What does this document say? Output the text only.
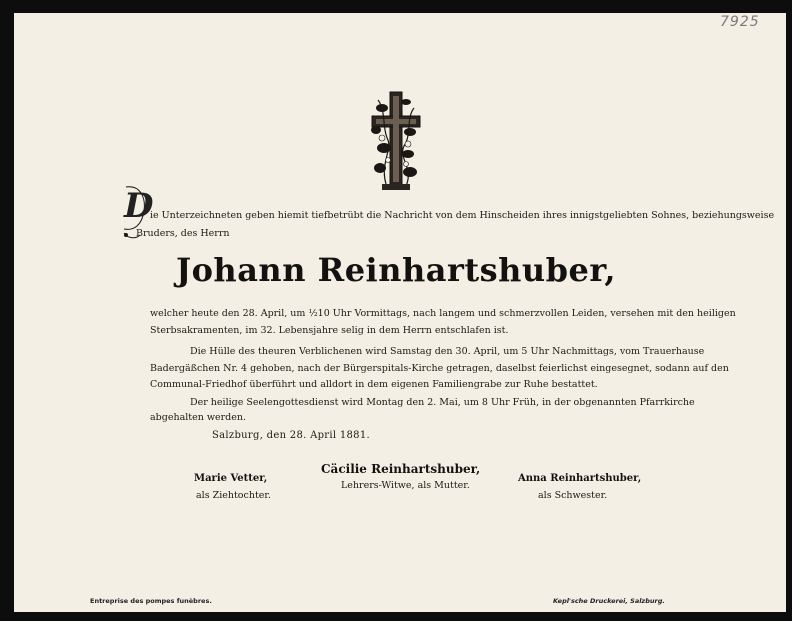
7925
D
ie Unterzeichneten geben hiemit tiefbetrübt die Nachricht von dem Hinscheiden ihres innigstgeliebten Sohnes, beziehungsweise
Bruders, des Herrn
Johann Reinhartshuber,
welcher heute den 28. April, um ½10 Uhr Vormittags, nach langem und schmerzvollen Leiden, versehen mit den heiligen
Sterbsakramenten, im 32. Lebensjahre selig in dem Herrn entschlafen ist.
Die Hülle des theuren Verblichenen wird Samstag den 30. April, um 5 Uhr Nachmittags, vom Trauerhause
Badergäßchen Nr. 4 gehoben, nach der Bürgerspitals-Kirche getragen, daselbst feierlichst eingesegnet, sodann auf den
Communal-Friedhof überführt und alldort in dem eigenen Familiengrabe zur Ruhe bestattet.
Der heilige Seelengottesdienst wird Montag den 2. Mai, um 8 Uhr Früh, in der obgenannten Pfarrkirche
abgehalten werden.
Salzburg, den 28. April 1881.
Marie Vetter,
als Ziehtochter.
Cäcilie Reinhartshuber,
Lehrers-Witwe, als Mutter.
Anna Reinhartshuber,
als Schwester.
Entreprise des pompes funèbres.	Kepl'sche Druckerei, Salzburg.
